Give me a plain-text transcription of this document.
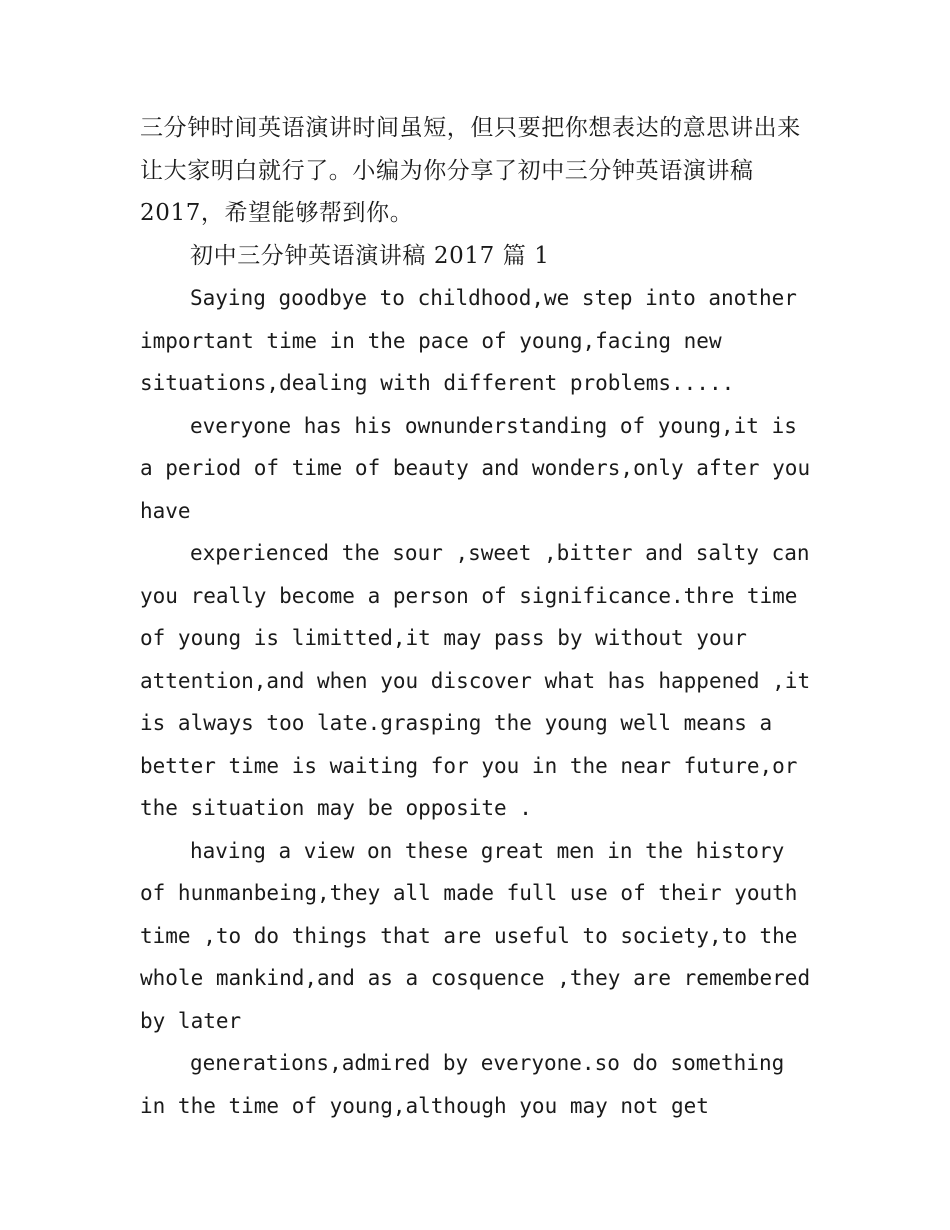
三分钟时间英语演讲时间虽短，但只要把你想表达的意思讲出来让大家明白就行了。小编为你分享了初中三分钟英语演讲稿2017，希望能够帮到你。

初中三分钟英语演讲稿 2017 篇 1

Saying goodbye to childhood,we step into another important time in the pace of young,facing new situations,dealing with different problems.....

everyone has his ownunderstanding of young,it is a period of time of beauty and wonders,only after you have

experienced the sour ,sweet ,bitter and salty can you really become a person of significance.thre time of young is limitted,it may pass by without your attention,and when you discover what has happened ,it is always too late.grasping the young well means a better time is waiting for you in the near future,or the situation may be opposite .

having a view on these great men in the history of hunmanbeing,they all made full use of their youth time ,to do things that are useful to society,to the whole mankind,and as a cosquence ,they are remembered by later

generations,admired by everyone.so do something in the time of young,although you may not get
